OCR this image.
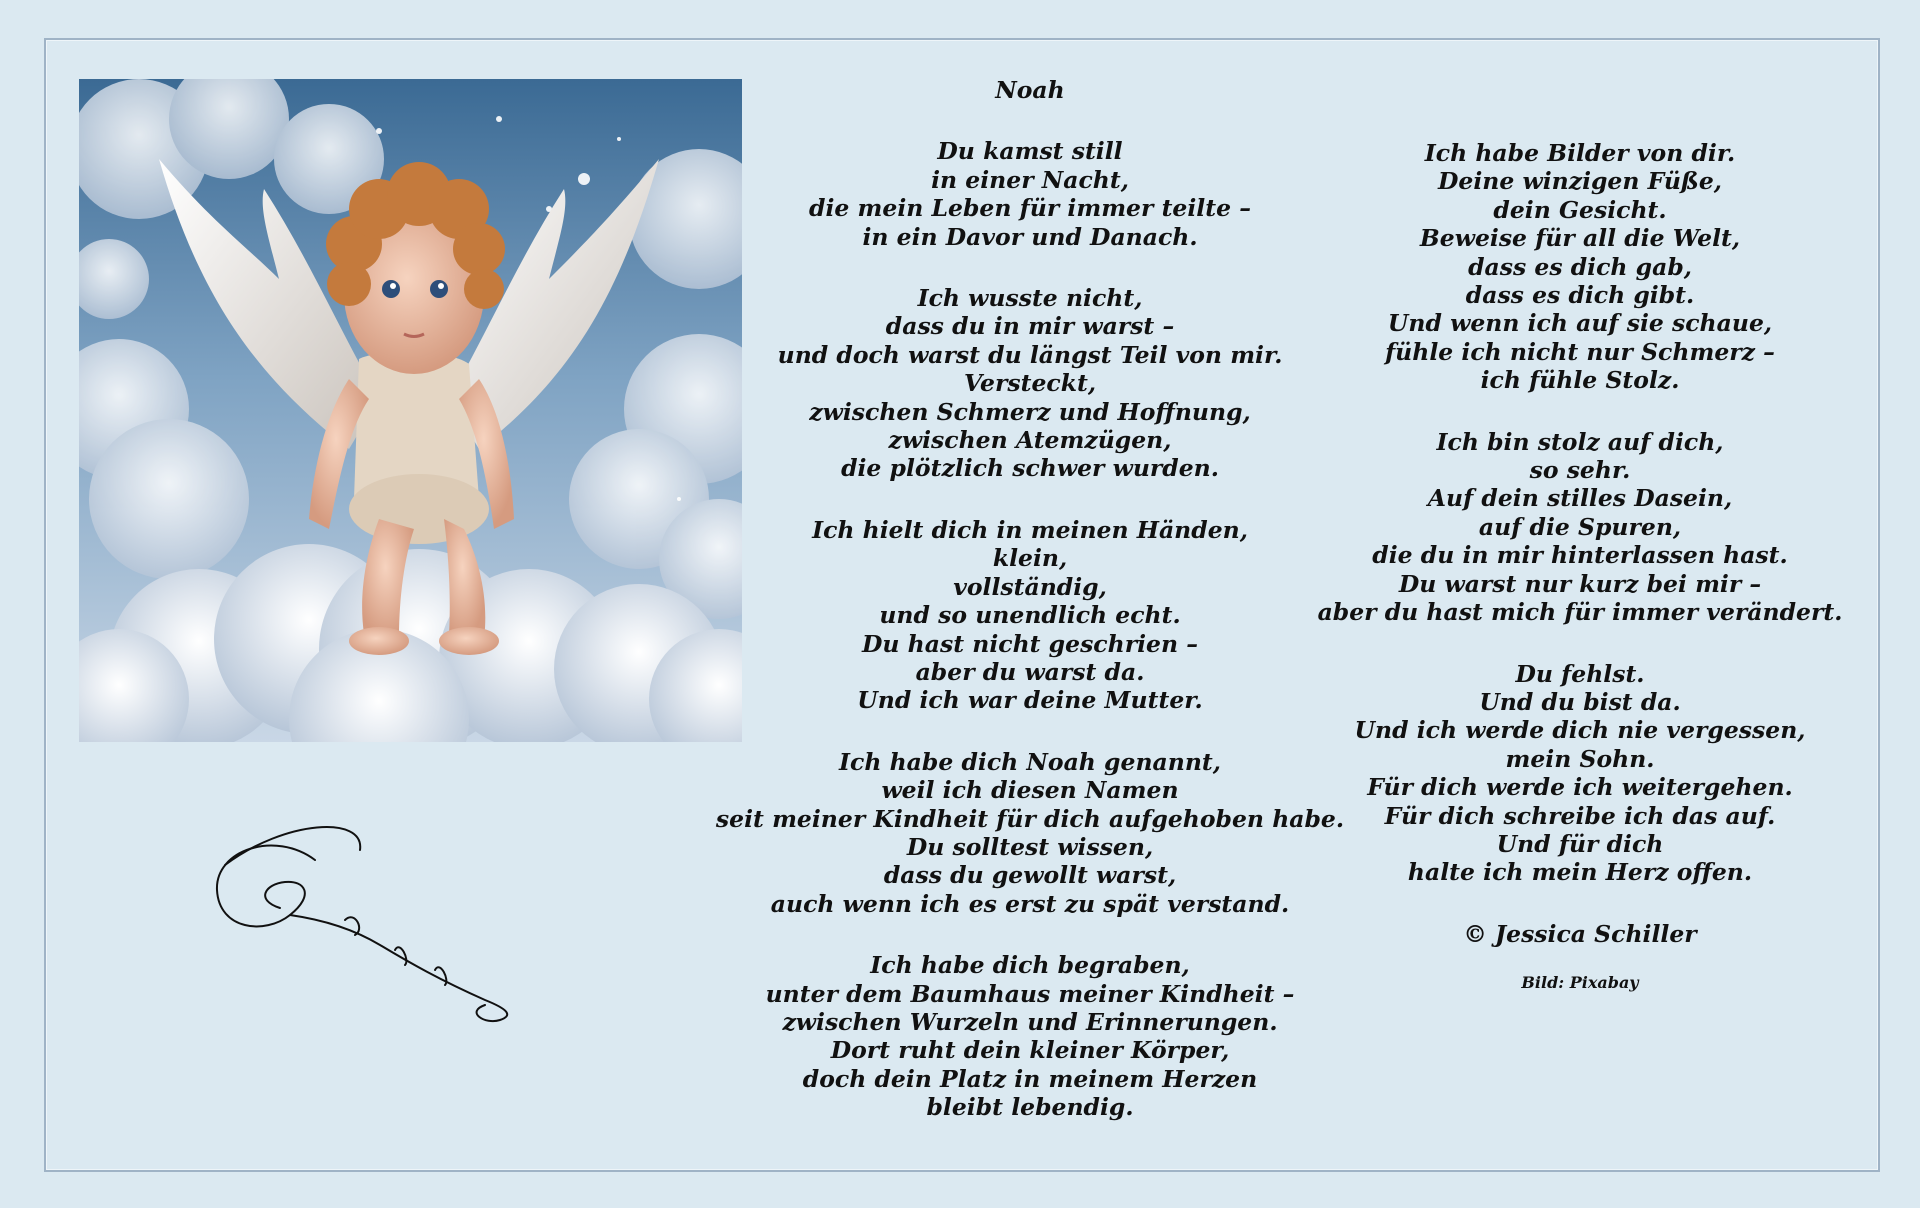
Noah
Du kamst still
in einer Nacht,
die mein Leben für immer teilte –
in ein Davor und Danach.
Ich wusste nicht,
dass du in mir warst –
und doch warst du längst Teil von mir.
Versteckt,
zwischen Schmerz und Hoffnung,
zwischen Atemzügen,
die plötzlich schwer wurden.
Ich hielt dich in meinen Händen,
klein,
vollständig,
und so unendlich echt.
Du hast nicht geschrien –
aber du warst da.
Und ich war deine Mutter.
Ich habe dich Noah genannt,
weil ich diesen Namen
seit meiner Kindheit für dich aufgehoben habe.
Du solltest wissen,
dass du gewollt warst,
auch wenn ich es erst zu spät verstand.
Ich habe dich begraben,
unter dem Baumhaus meiner Kindheit –
zwischen Wurzeln und Erinnerungen.
Dort ruht dein kleiner Körper,
doch dein Platz in meinem Herzen
bleibt lebendig.
Ich habe Bilder von dir.
Deine winzigen Füße,
dein Gesicht.
Beweise für all die Welt,
dass es dich gab,
dass es dich gibt.
Und wenn ich auf sie schaue,
fühle ich nicht nur Schmerz –
ich fühle Stolz.
Ich bin stolz auf dich,
so sehr.
Auf dein stilles Dasein,
auf die Spuren,
die du in mir hinterlassen hast.
Du warst nur kurz bei mir –
aber du hast mich für immer verändert.
Du fehlst.
Und du bist da.
Und ich werde dich nie vergessen,
mein Sohn.
Für dich werde ich weitergehen.
Für dich schreibe ich das auf.
Und für dich
halte ich mein Herz offen.
© Jessica Schiller
Bild: Pixabay
